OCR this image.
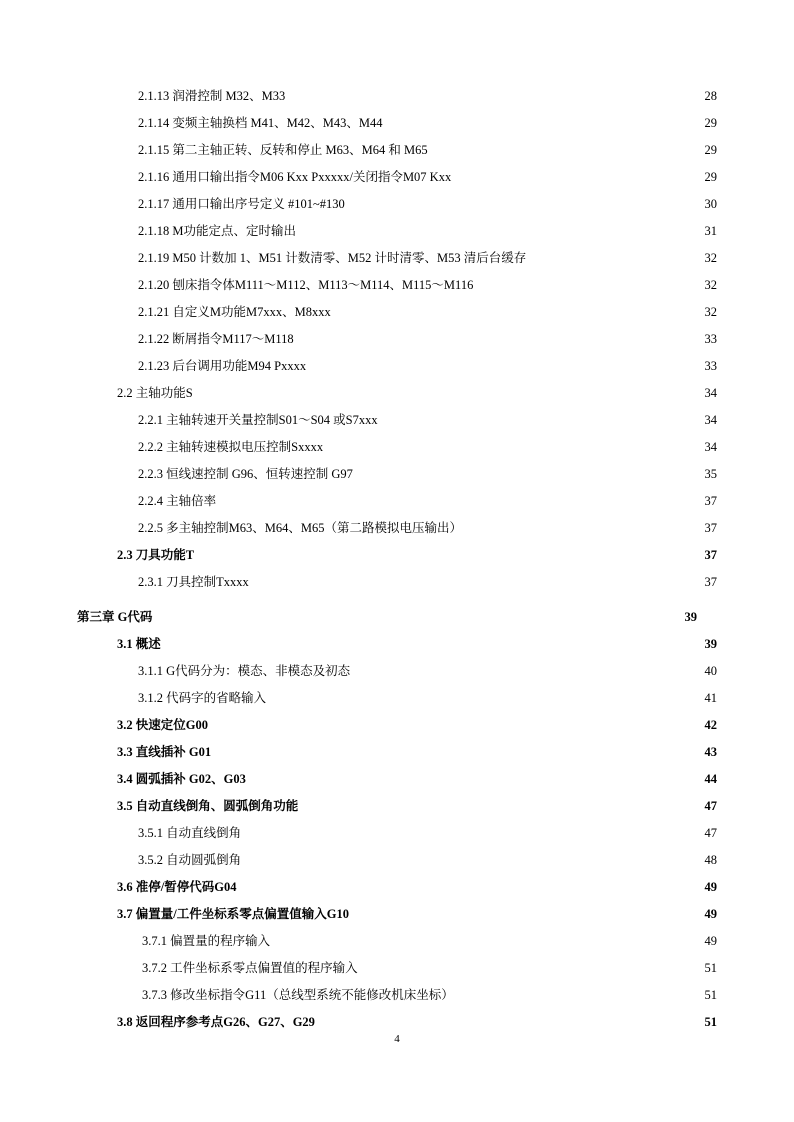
2.1.13 润滑控制 M32、M33	28
2.1.14 变频主轴换档 M41、M42、M43、M44	29
2.1.15 第二主轴正转、反转和停止 M63、M64 和 M65	29
2.1.16 通用口输出指令M06 Kxx Pxxxxx/关闭指令M07 Kxx	29
2.1.17 通用口输出序号定义 #101~#130	30
2.1.18 M功能定点、定时输出	31
2.1.19 M50 计数加 1、M51 计数清零、M52 计时清零、M53 清后台缓存	32
2.1.20 刨床指令体M111～M112、M113～M114、M115～M116	32
2.1.21 自定义M功能M7xxx、M8xxx	32
2.1.22 断屑指令M117～M118	33
2.1.23 后台调用功能M94 Pxxxx	33
2.2 主轴功能S	34
2.2.1 主轴转速开关量控制S01～S04 或S7xxx	34
2.2.2 主轴转速模拟电压控制Sxxxx	34
2.2.3 恒线速控制 G96、恒转速控制 G97	35
2.2.4 主轴倍率	37
2.2.5 多主轴控制M63、M64、M65（第二路模拟电压输出）	37
2.3 刀具功能T	37
2.3.1 刀具控制Txxxx	37
第三章 G代码	39
3.1 概述	39
3.1.1 G代码分为：模态、非模态及初态	40
3.1.2 代码字的省略输入	41
3.2 快速定位G00	42
3.3 直线插补 G01	43
3.4 圆弧插补 G02、G03	44
3.5 自动直线倒角、圆弧倒角功能	47
3.5.1 自动直线倒角	47
3.5.2 自动圆弧倒角	48
3.6 准停/暂停代码G04	49
3.7 偏置量/工件坐标系零点偏置值输入G10	49
3.7.1 偏置量的程序输入	49
3.7.2 工件坐标系零点偏置值的程序输入	51
3.7.3 修改坐标指令G11（总线型系统不能修改机床坐标）	51
3.8 返回程序参考点G26、G27、G29	51
4
